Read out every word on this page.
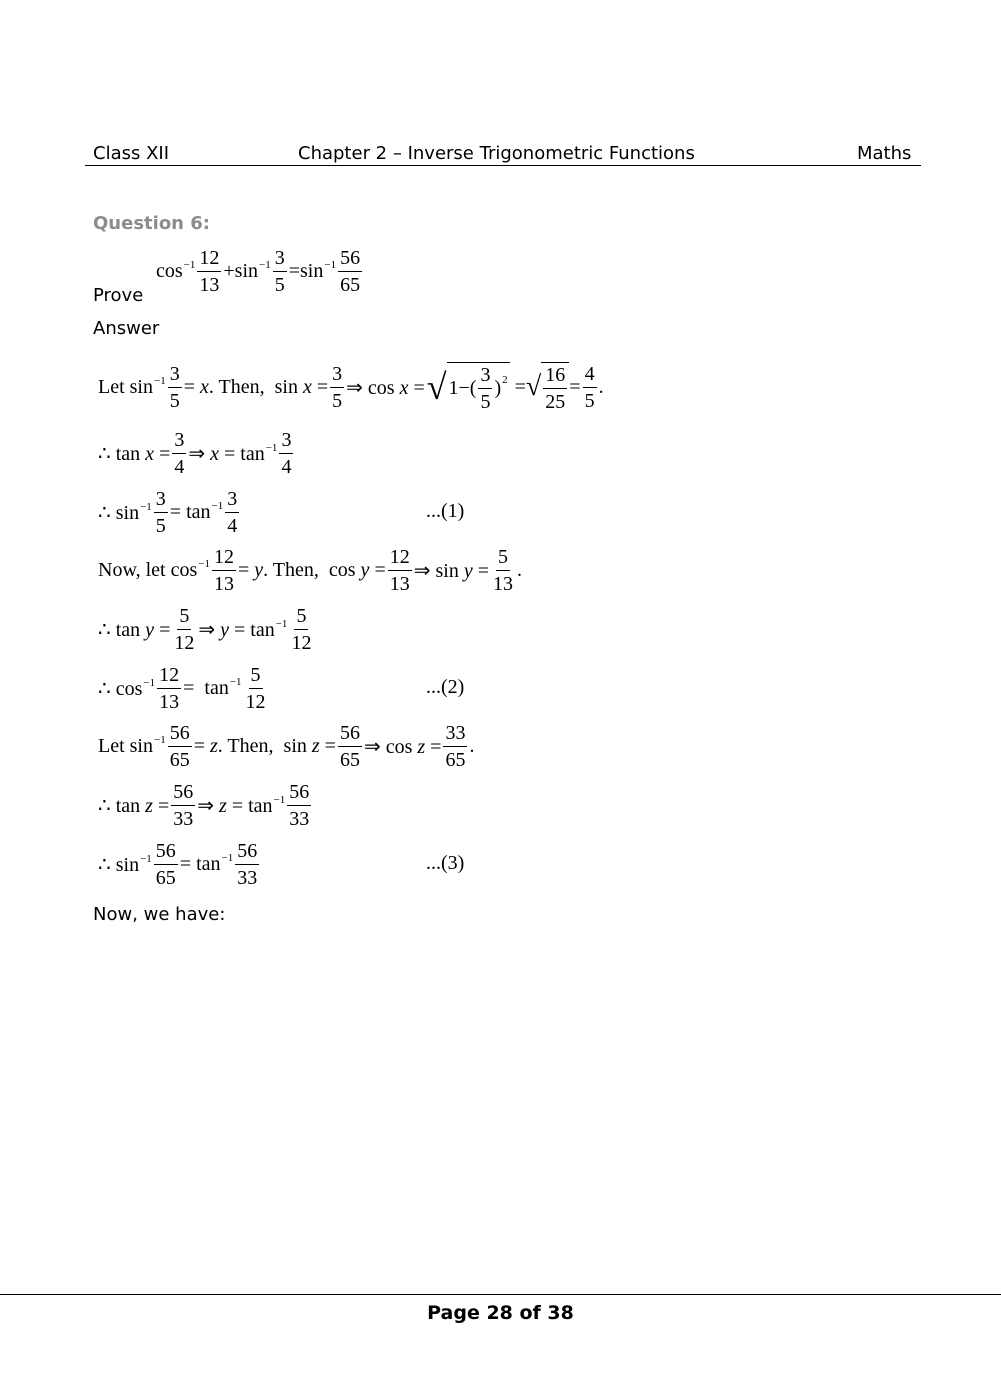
Class XII	Chapter 2 – Inverse Trigonometric Functions	Maths
Question 6:
$\cos^{-1} \frac{12}{13} +\sin^{-1} \frac{3}{5} =\sin^{-1} \frac{56}{65}$
Prove
Answer
Let $\sin^{-1} \frac{3}{5} = x$. Then,  $\sin x = \frac{3}{5}$ ⇒ cos x = √ $1-( \frac{3}{5} )^2$ = √ $\frac{16}{25} = \frac{4}{5}$ .
∴ $\tan x = \frac{3}{4}$ ⇒ $x = \tan^{-1} \frac{3}{4}$
∴ $\sin^{-1} \frac{3}{5} = \tan^{-1} \frac{3}{4}$	...(1)
Now, let $\cos^{-1} \frac{12}{13} = y$. Then,  $\cos y = \frac{12}{13}$ ⇒ $\sin y = \frac{5}{13}$ .
∴ $\tan y = \frac{5}{12}$ ⇒ $y = \tan^{-1} \frac{5}{12}$
∴ $\cos^{-1} \frac{12}{13} = \tan^{-1} \frac{5}{12}$	...(2)
Let $\sin^{-1} \frac{56}{65} = z$. Then,  $\sin z = \frac{56}{65}$ ⇒ $\cos z = \frac{33}{65}$ .
∴ $\tan z = \frac{56}{33}$ ⇒ $z = \tan^{-1} \frac{56}{33}$
∴ $\sin^{-1} \frac{56}{65} = \tan^{-1} \frac{56}{33}$	...(3)
Now, we have:
Page 28 of 38
